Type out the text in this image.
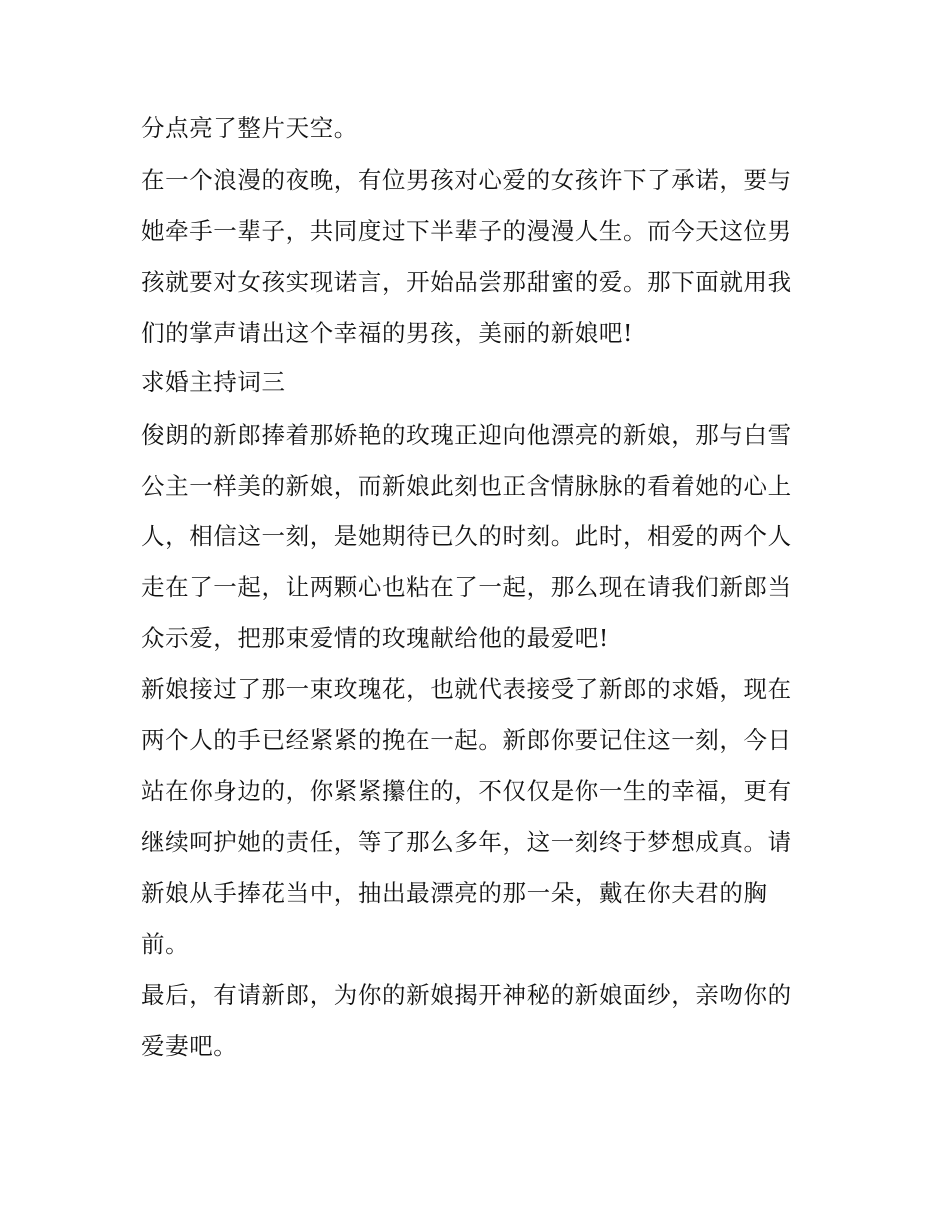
分点亮了整片天空。

在一个浪漫的夜晚，有位男孩对心爱的女孩许下了承诺，要与

她牵手一辈子，共同度过下半辈子的漫漫人生。而今天这位男

孩就要对女孩实现诺言，开始品尝那甜蜜的爱。那下面就用我

们的掌声请出这个幸福的男孩，美丽的新娘吧!

求婚主持词三

俊朗的新郎捧着那娇艳的玫瑰正迎向他漂亮的新娘，那与白雪

公主一样美的新娘，而新娘此刻也正含情脉脉的看着她的心上

人，相信这一刻，是她期待已久的时刻。此时，相爱的两个人

走在了一起，让两颗心也粘在了一起，那么现在请我们新郎当

众示爱，把那束爱情的玫瑰献给他的最爱吧!

新娘接过了那一束玫瑰花，也就代表接受了新郎的求婚，现在

两个人的手已经紧紧的挽在一起。新郎你要记住这一刻，今日

站在你身边的，你紧紧攥住的，不仅仅是你一生的幸福，更有

继续呵护她的责任，等了那么多年，这一刻终于梦想成真。请

新娘从手捧花当中，抽出最漂亮的那一朵，戴在你夫君的胸

前。

最后，有请新郎，为你的新娘揭开神秘的新娘面纱，亲吻你的

爱妻吧。
